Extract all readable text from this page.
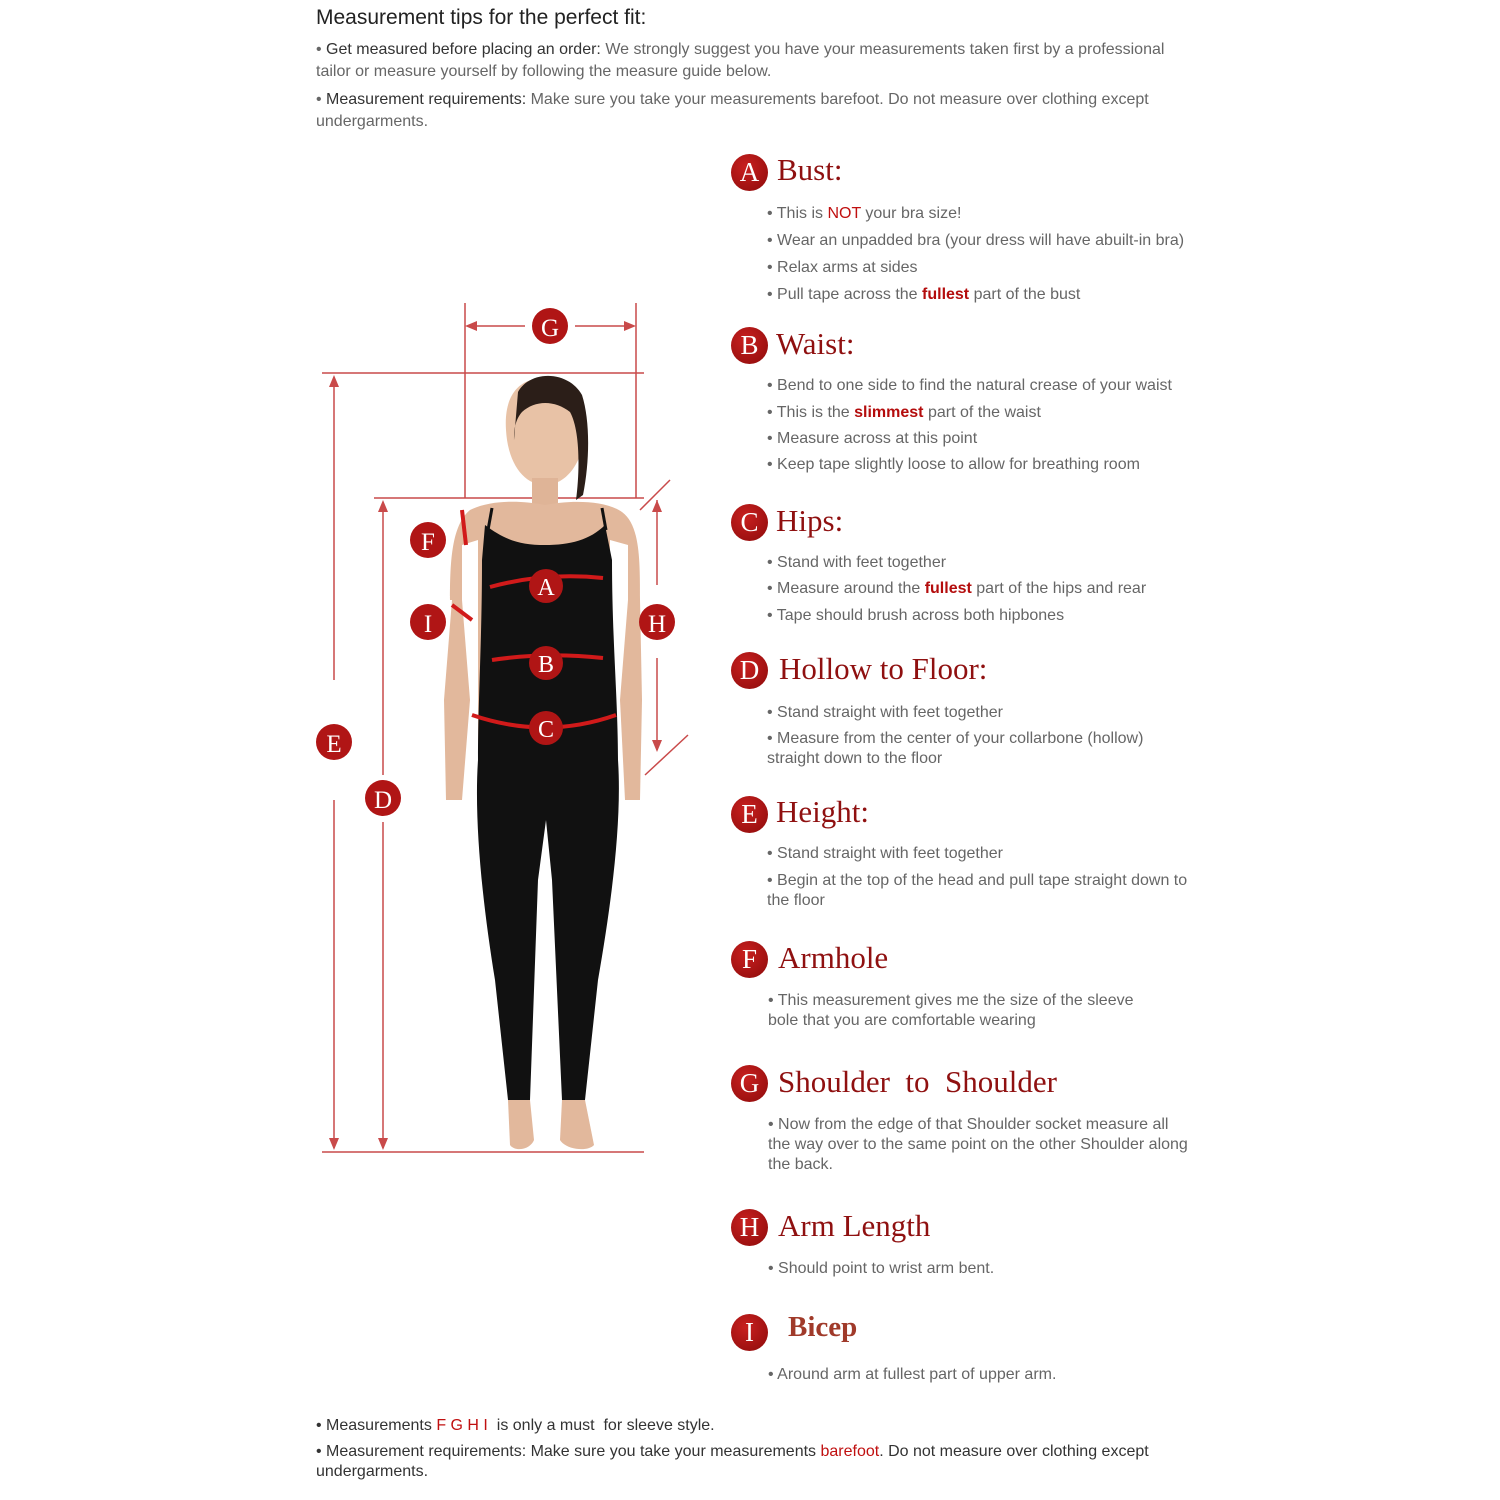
Measurement tips for the perfect fit:
• Get measured before placing an order: We strongly suggest you have your measurements taken first by a professional tailor or measure yourself by following the measure guide below.
• Measurement requirements: Make sure you take your measurements barefoot. Do not measure over clothing except undergarments.
G
F
A
I	H
B
C
E
D
A Bust:
• This is NOT your bra size!
• Wear an unpadded bra (your dress will have abuilt-in bra)
• Relax arms at sides
• Pull tape across the fullest part of the bust
B Waist:
• Bend to one side to find the natural crease of your waist
• This is the slimmest part of the waist
• Measure across at this point
• Keep tape slightly loose to allow for breathing room
C Hips:
• Stand with feet together
• Measure around the fullest part of the hips and rear
• Tape should brush across both hipbones
D Hollow to Floor:
• Stand straight with feet together
• Measure from the center of your collarbone (hollow) straight down to the floor
E Height:
• Stand straight with feet together
• Begin at the top of the head and pull tape straight down to the floor
F Armhole
• This measurement gives me the size of the sleeve bole that you are comfortable wearing
G Shoulder  to  Shoulder
• Now from the edge of that Shoulder socket measure all the way over to the same point on the other Shoulder along the back.
H Arm Length
• Should point to wrist arm bent.
I	Bicep
• Around arm at fullest part of upper arm.
• Measurements F G H I  is only a must  for sleeve style.
• Measurement requirements: Make sure you take your measurements barefoot. Do not measure over clothing except undergarments.
